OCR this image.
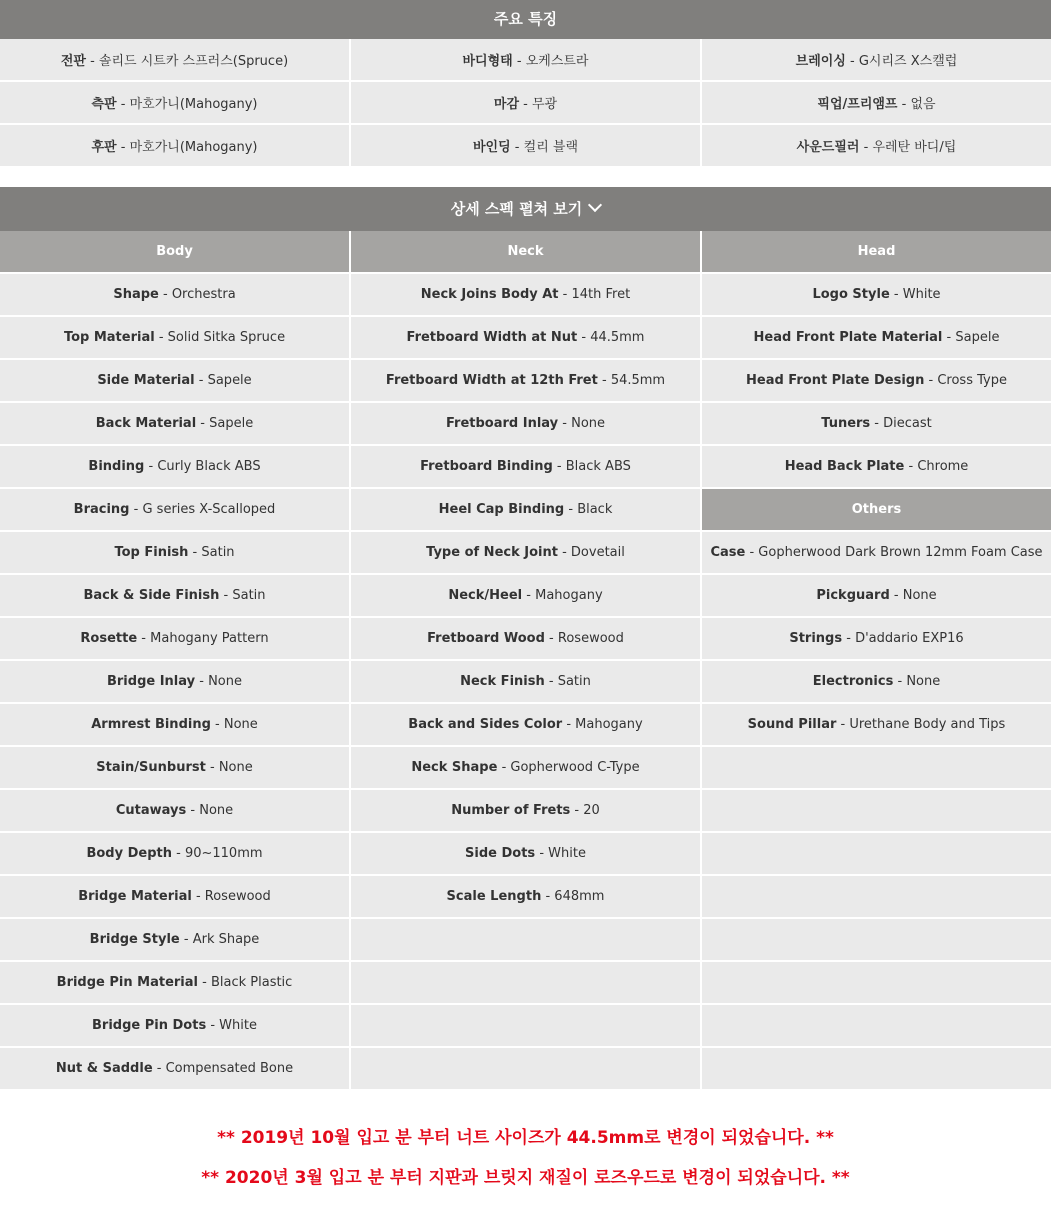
주요 특징
전판 - 솔리드 시트카 스프러스(Spruce)	바디형태 - 오케스트라	브레이싱 - G시리즈 X스캘럽
측판 - 마호가니(Mahogany)	마감 - 무광	픽업/프리앰프 - 없음
후판 - 마호가니(Mahogany)	바인딩 - 컬리 블랙	사운드필러 - 우레탄 바디/팁
상세 스펙 펼쳐 보기
Body	Neck	Head
Shape - Orchestra	Neck Joins Body At - 14th Fret	Logo Style - White
Top Material - Solid Sitka Spruce	Fretboard Width at Nut - 44.5mm	Head Front Plate Material - Sapele
Side Material - Sapele	Fretboard Width at 12th Fret - 54.5mm	Head Front Plate Design - Cross Type
Back Material - Sapele	Fretboard Inlay - None	Tuners - Diecast
Binding - Curly Black ABS	Fretboard Binding - Black ABS	Head Back Plate - Chrome
Bracing - G series X-Scalloped	Heel Cap Binding - Black	Others
Top Finish - Satin	Type of Neck Joint - Dovetail	Case - Gopherwood Dark Brown 12mm Foam Case
Back & Side Finish - Satin	Neck/Heel - Mahogany	Pickguard - None
Rosette - Mahogany Pattern	Fretboard Wood - Rosewood	Strings - D'addario EXP16
Bridge Inlay - None	Neck Finish - Satin	Electronics - None
Armrest Binding - None	Back and Sides Color - Mahogany	Sound Pillar - Urethane Body and Tips
Stain/Sunburst - None	Neck Shape - Gopherwood C-Type	
Cutaways - None	Number of Frets - 20	
Body Depth - 90~110mm	Side Dots - White	
Bridge Material - Rosewood	Scale Length - 648mm	
Bridge Style - Ark Shape		
Bridge Pin Material - Black Plastic		
Bridge Pin Dots - White		
Nut & Saddle - Compensated Bone		
** 2019년 10월 입고 분 부터 너트 사이즈가 44.5mm로 변경이 되었습니다. **
** 2020년 3월 입고 분 부터 지판과 브릿지 재질이 로즈우드로 변경이 되었습니다. **
